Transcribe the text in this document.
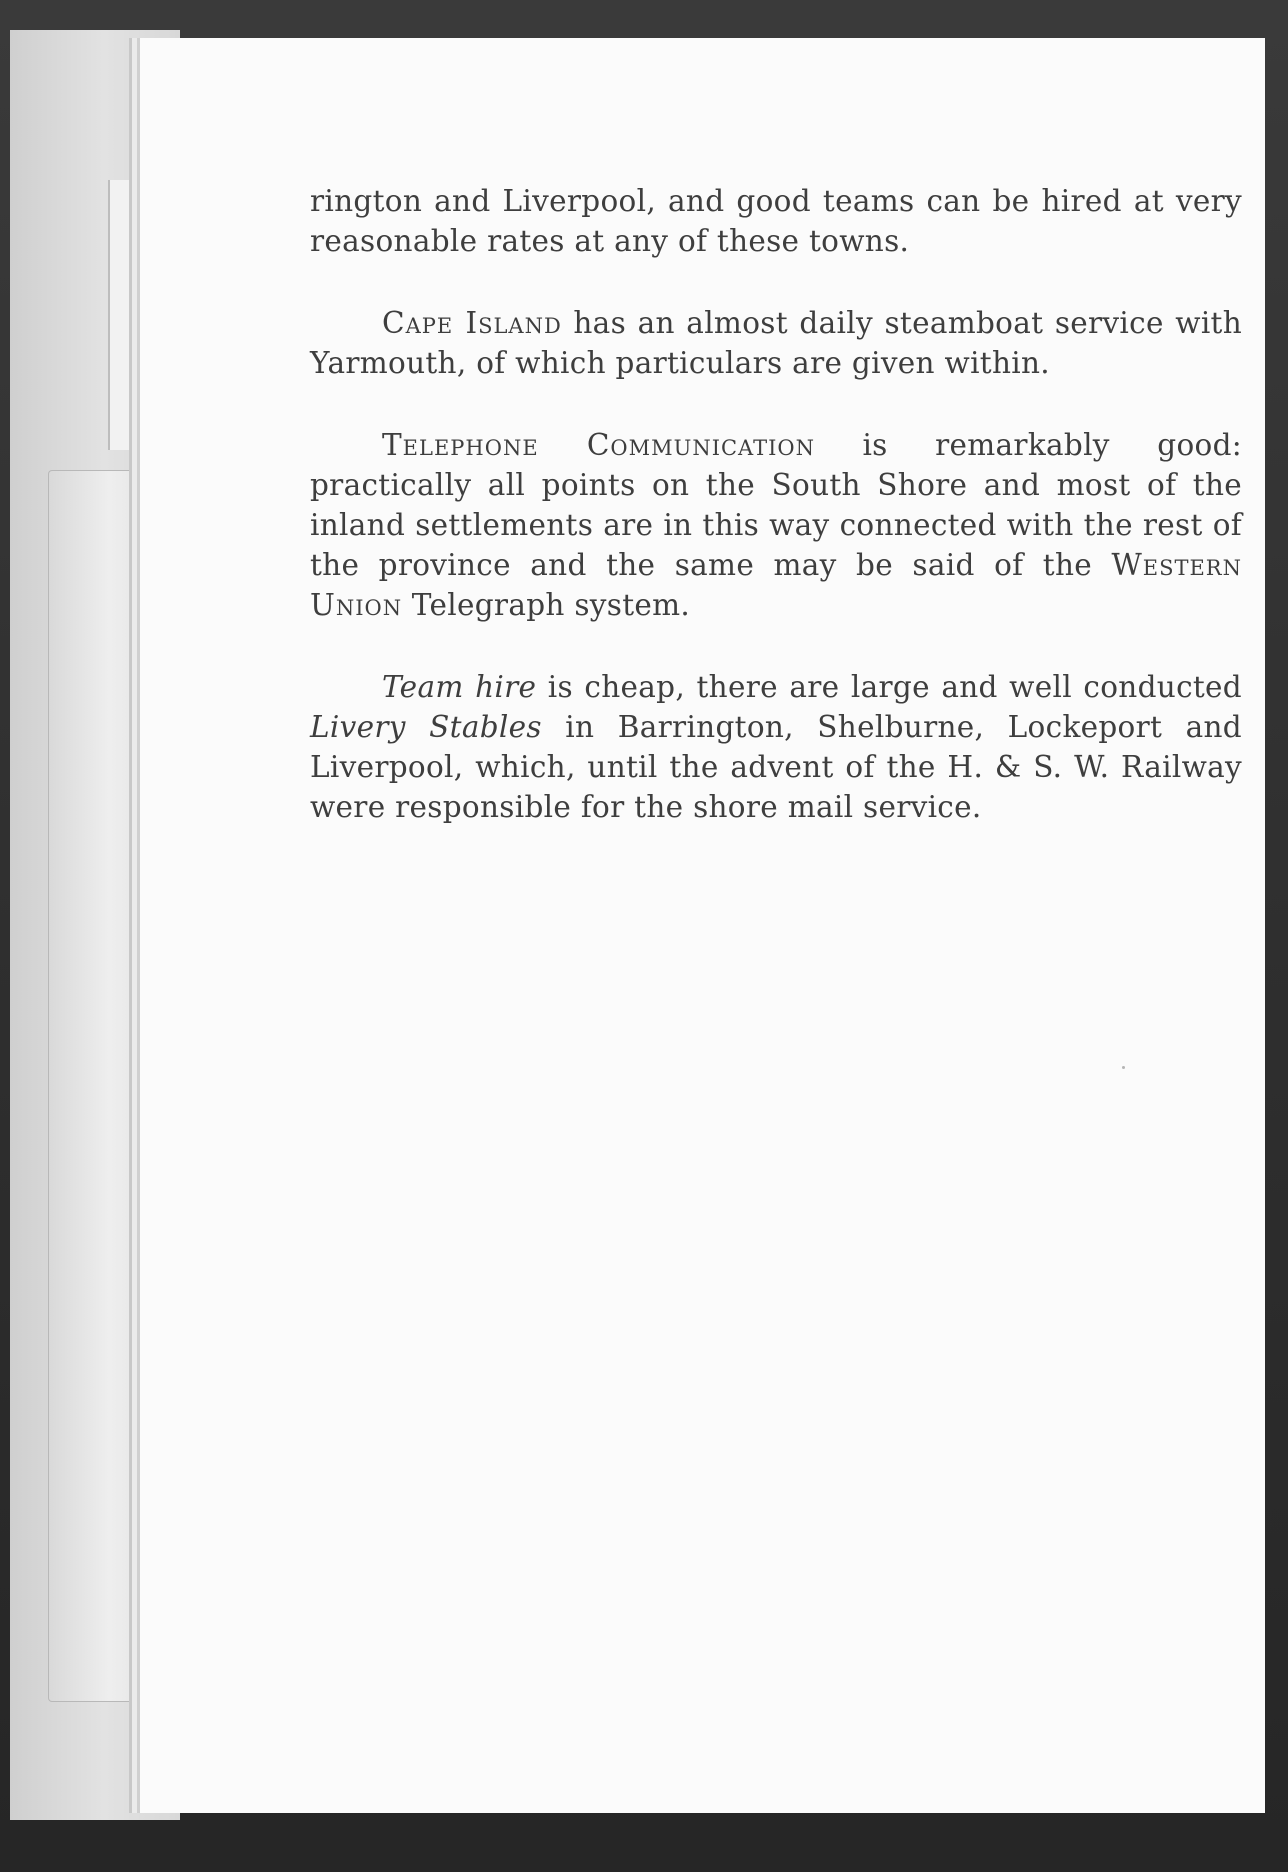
rington and Liverpool, and good teams can be hired at very reasonable rates at any of these towns.

Cape Island has an almost daily steamboat service with Yarmouth, of which particulars are given within.

Telephone Communication is remarkably good: practically all points on the South Shore and most of the inland settlements are in this way connected with the rest of the province and the same may be said of the Western Union Telegraph system.

Team hire is cheap, there are large and well conducted Livery Stables in Barrington, Shelburne, Lockeport and Liverpool, which, until the advent of the H. & S. W. Railway were responsible for the shore mail service.
